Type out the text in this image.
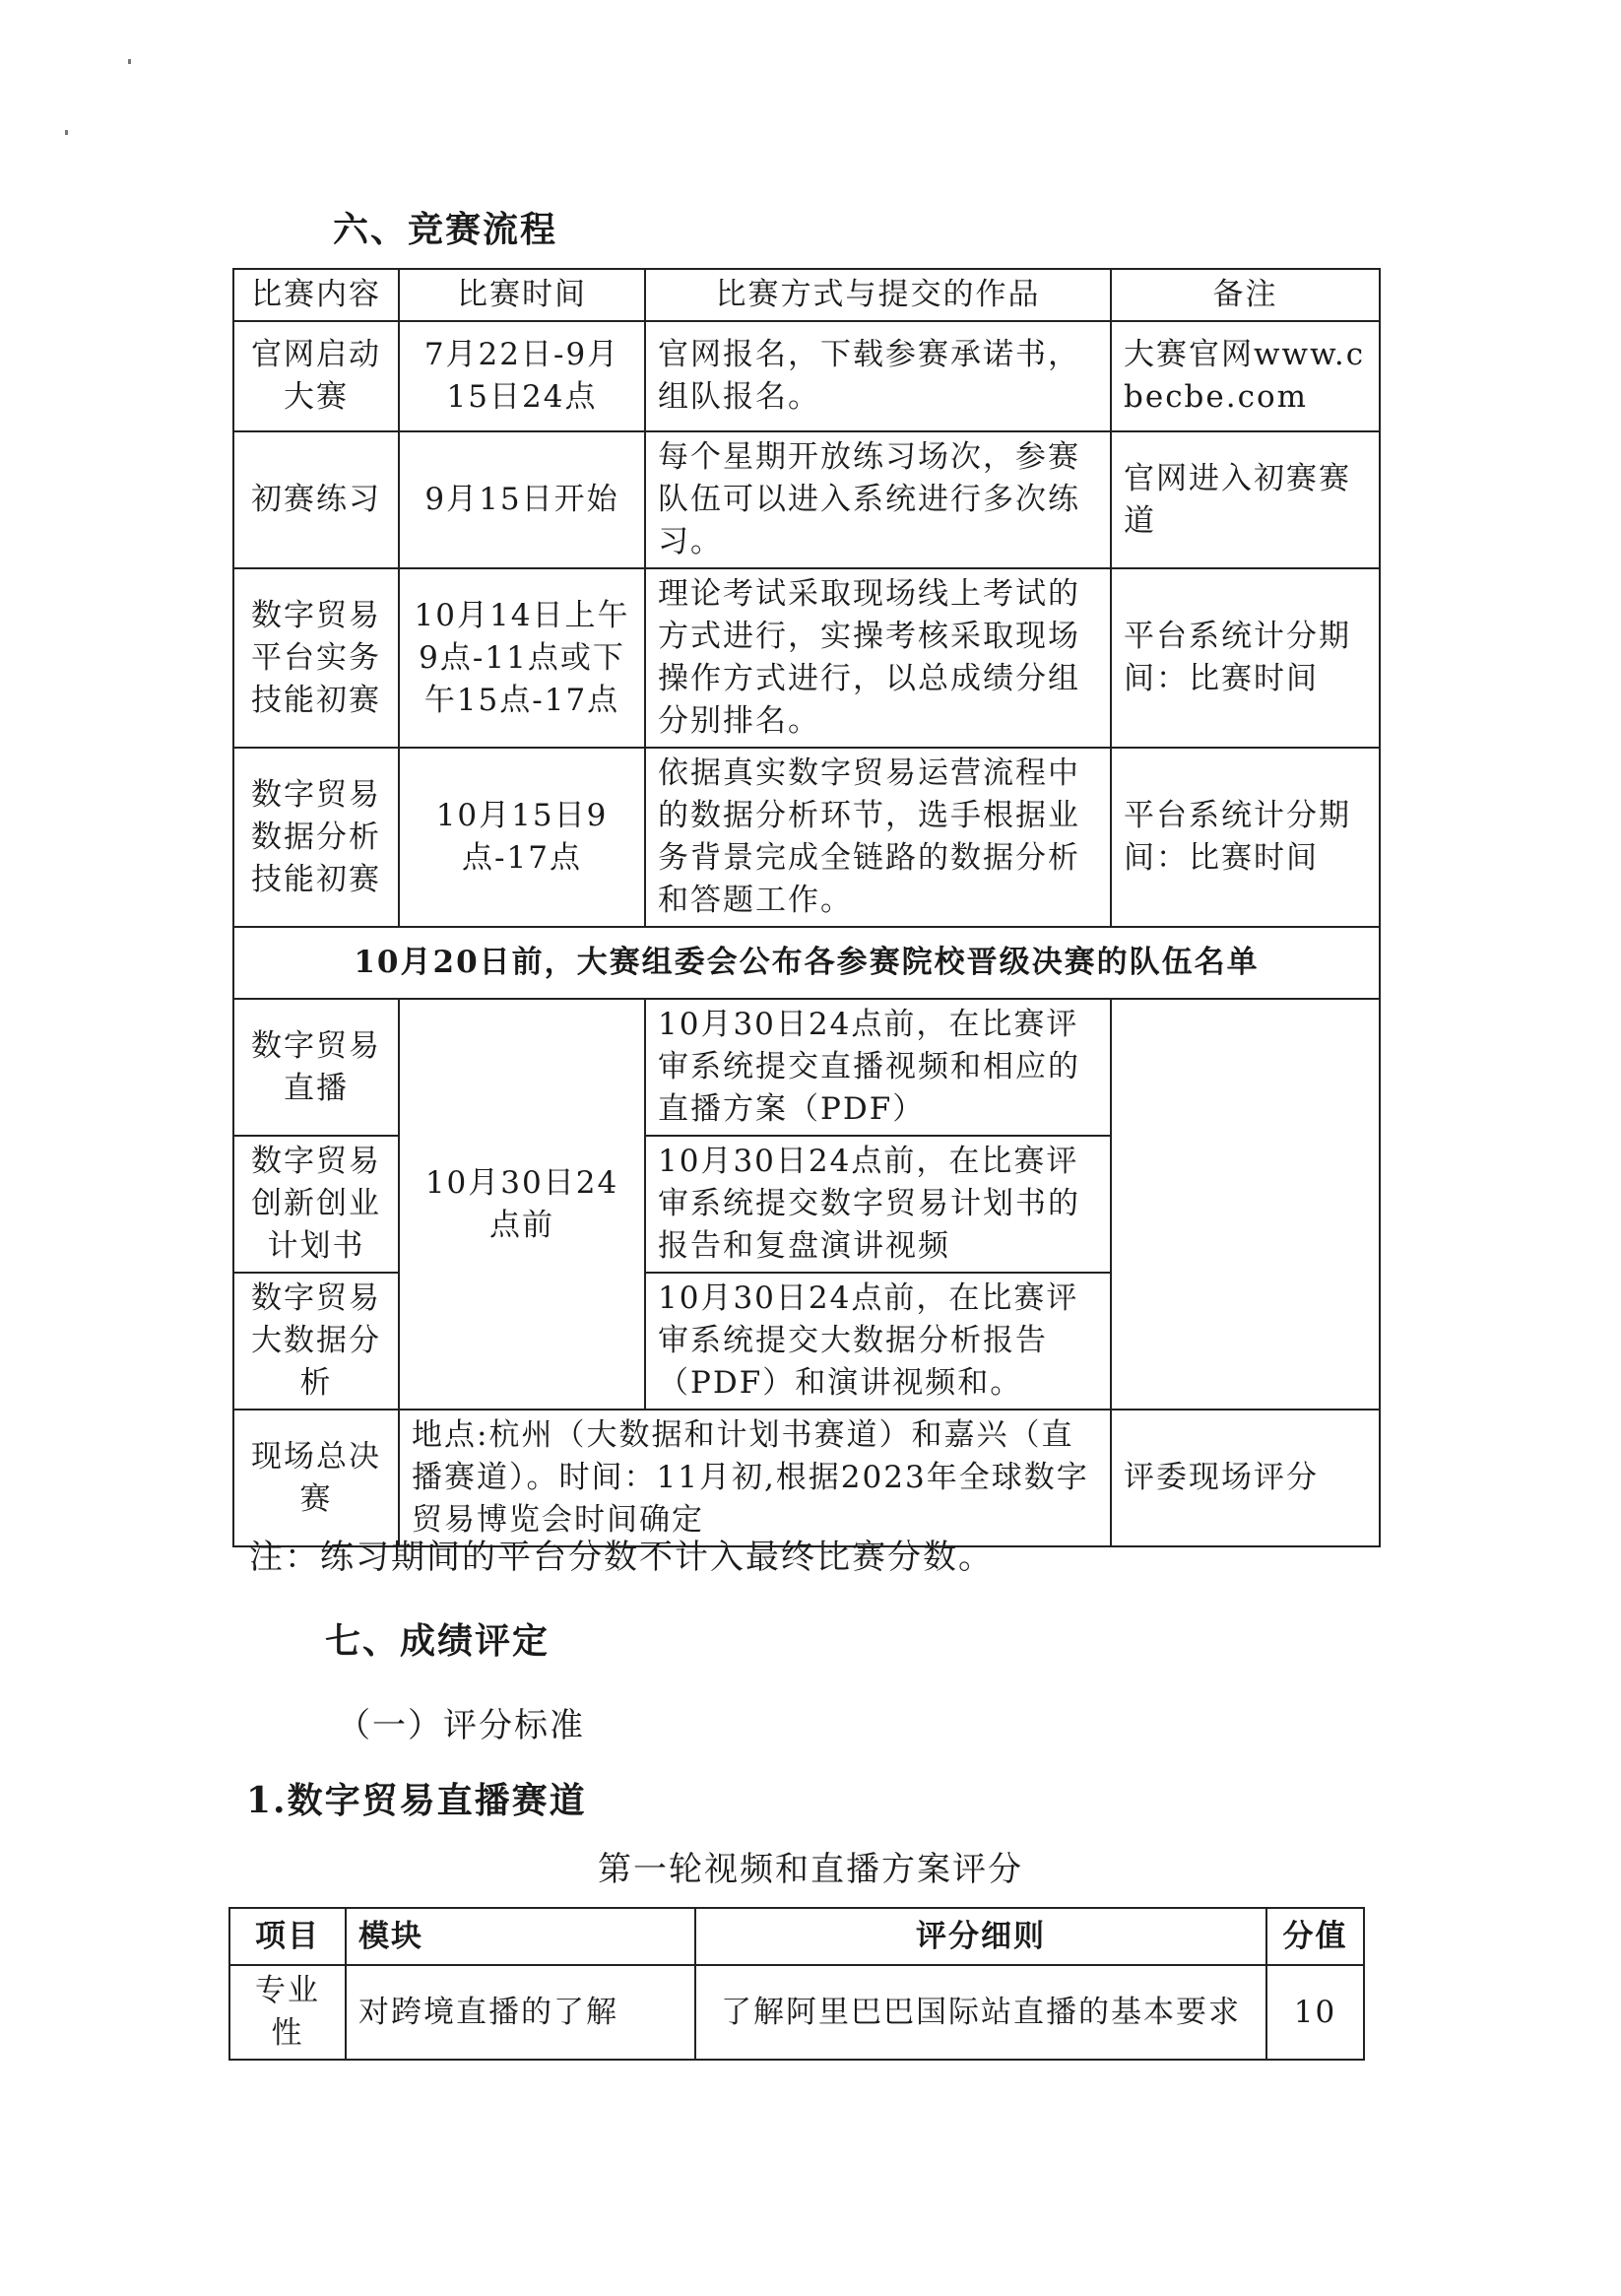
六、竞赛流程
比赛内容	比赛时间	比赛方式与提交的作品	备注
官网启动大赛	7月22日-9月15日24点	官网报名，下载参赛承诺书，组队报名。	大赛官网www.cbecbe.com
初赛练习	9月15日开始	每个星期开放练习场次，参赛队伍可以进入系统进行多次练习。	官网进入初赛赛道
数字贸易平台实务技能初赛	10月14日上午9点-11点或下午15点-17点	理论考试采取现场线上考试的方式进行，实操考核采取现场操作方式进行，以总成绩分组分别排名。	平台系统计分期间：比赛时间
数字贸易数据分析技能初赛	10月15日9点-17点	依据真实数字贸易运营流程中的数据分析环节，选手根据业务背景完成全链路的数据分析和答题工作。	平台系统计分期间：比赛时间
10月20日前，大赛组委会公布各参赛院校晋级决赛的队伍名单			
数字贸易直播	10月30日24点前	10月30日24点前，在比赛评审系统提交直播视频和相应的直播方案（PDF）	
数字贸易创新创业计划书		10月30日24点前，在比赛评审系统提交数字贸易计划书的报告和复盘演讲视频	
数字贸易大数据分析		10月30日24点前，在比赛评审系统提交大数据分析报告（PDF）和演讲视频和。	
现场总决赛	地点:杭州（大数据和计划书赛道）和嘉兴（直播赛道）。时间：11月初,根据2023年全球数字贸易博览会时间确定		评委现场评分
注：练习期间的平台分数不计入最终比赛分数。
七、成绩评定
（一）评分标准
1.数字贸易直播赛道
第一轮视频和直播方案评分
项目	模块	评分细则	分值
专业性	对跨境直播的了解	了解阿里巴巴国际站直播的基本要求	10
